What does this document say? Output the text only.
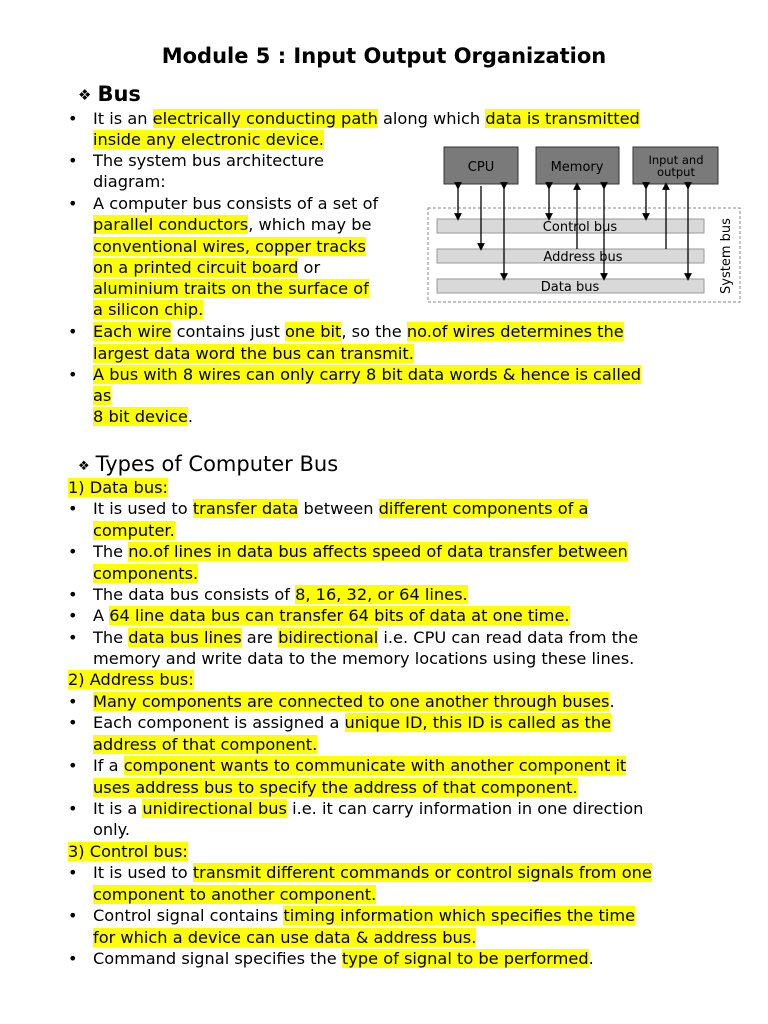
Module 5 : Input Output Organization
❖ Bus
• It is an electrically conducting path along which data is transmitted
inside any electronic device.
• The system bus architecture
diagram:
• A computer bus consists of a set of
parallel conductors, which may be
conventional wires, copper tracks
on a printed circuit board or
aluminium traits on the surface of
a silicon chip.
• Each wire contains just one bit, so the no.of wires determines the
largest data word the bus can transmit.
• A bus with 8 wires can only carry 8 bit data words & hence is called
as
8 bit device.
❖ Types of Computer Bus
1) Data bus:
• It is used to transfer data between different components of a
computer.
• The no.of lines in data bus affects speed of data transfer between
components.
• The data bus consists of 8, 16, 32, or 64 lines.
• A 64 line data bus can transfer 64 bits of data at one time.
• The data bus lines are bidirectional i.e. CPU can read data from the
memory and write data to the memory locations using these lines.
2) Address bus:
• Many components are connected to one another through buses.
• Each component is assigned a unique ID, this ID is called as the
address of that component.
• If a component wants to communicate with another component it
uses address bus to specify the address of that component.
• It is a unidirectional bus i.e. it can carry information in one direction
only.
3) Control bus:
• It is used to transmit different commands or control signals from one
component to another component.
• Control signal contains timing information which specifies the time
for which a device can use data & address bus.
• Command signal specifies the type of signal to be performed.
CPU	Memory	Input and
output
Control bus
Address bus
Data bus	System bus
